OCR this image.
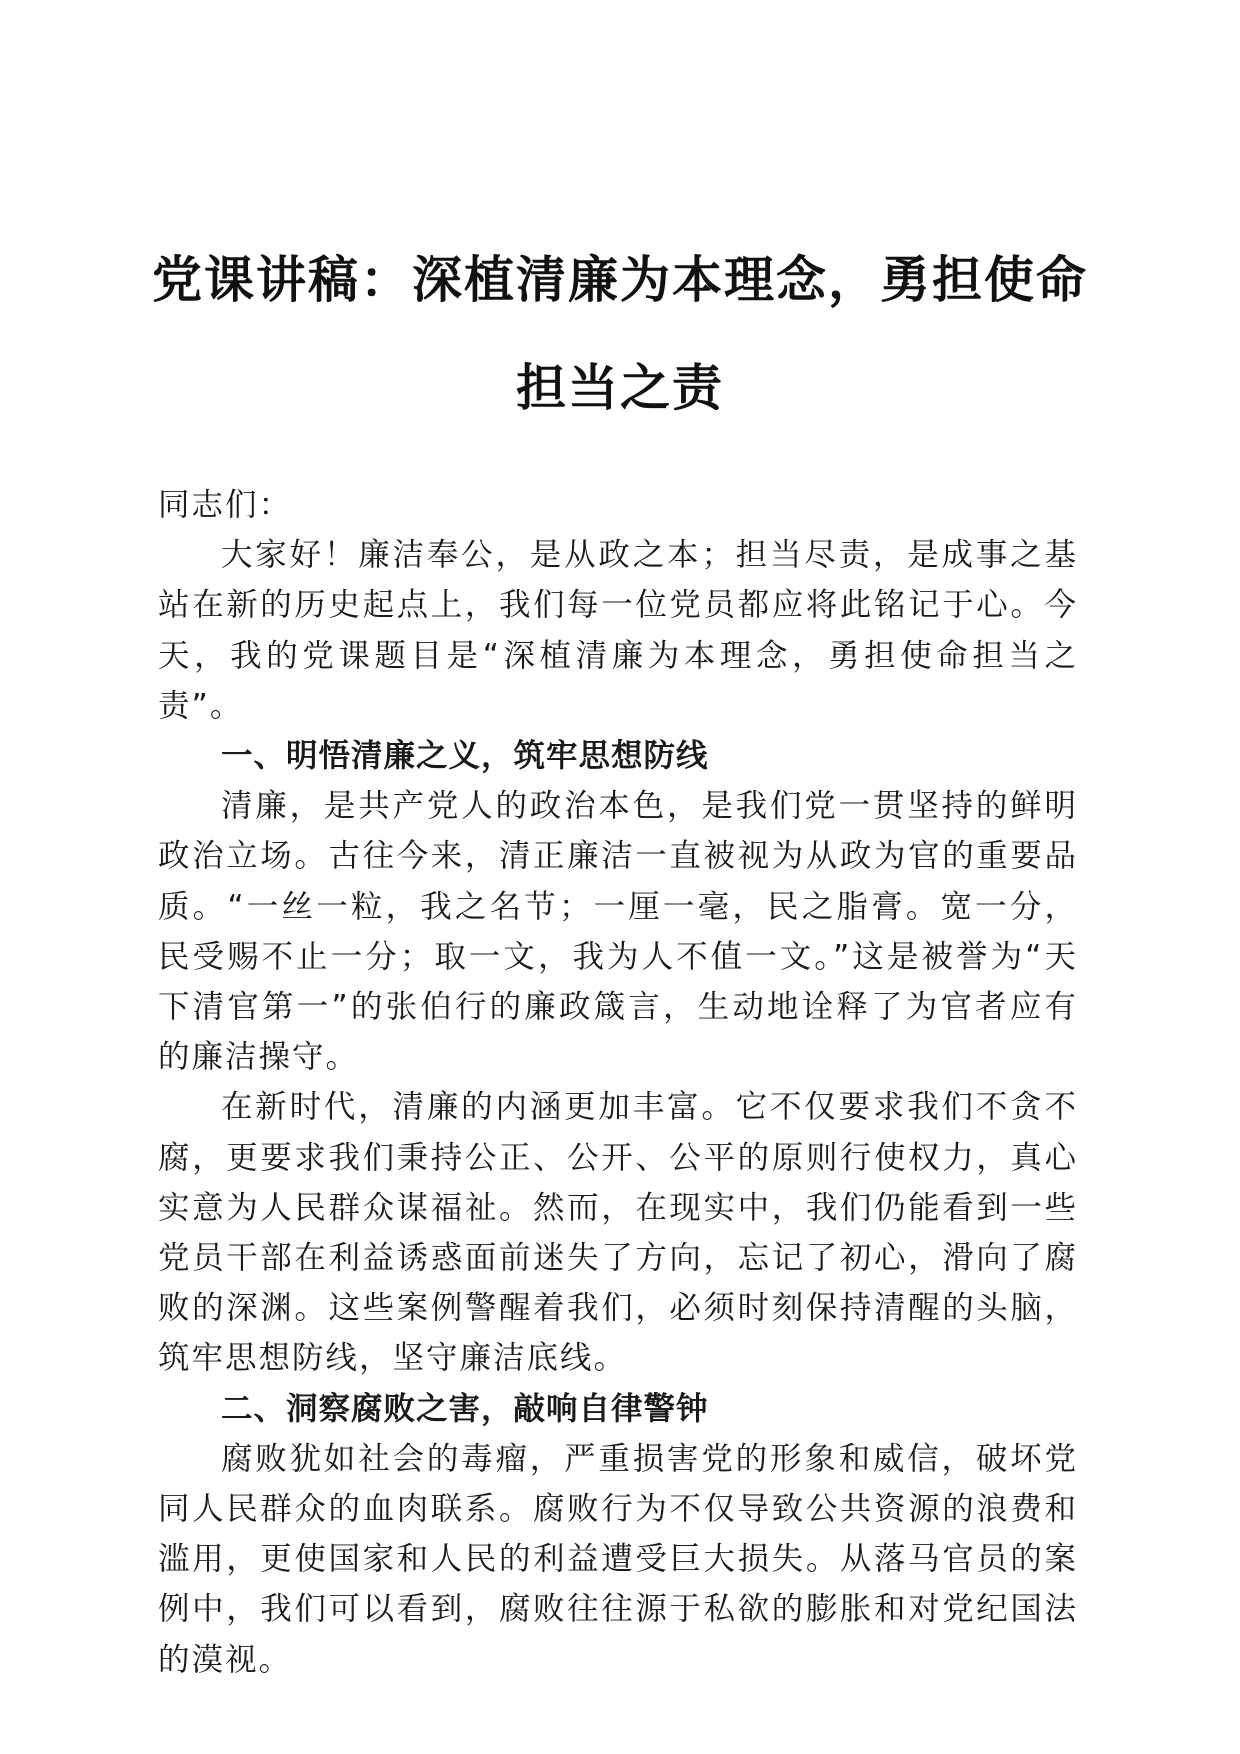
党课讲稿：深植清廉为本理念，勇担使命担当之责

同志们：

大家好！廉洁奉公，是从政之本；担当尽责，是成事之基站在新的历史起点上，我们每一位党员都应将此铭记于心。今天，我的党课题目是“深植清廉为本理念，勇担使命担当之责”。

一、明悟清廉之义，筑牢思想防线

清廉，是共产党人的政治本色，是我们党一贯坚持的鲜明政治立场。古往今来，清正廉洁一直被视为从政为官的重要品质。“一丝一粒，我之名节；一厘一毫，民之脂膏。宽一分，民受赐不止一分；取一文，我为人不值一文。”这是被誉为“天下清官第一”的张伯行的廉政箴言，生动地诠释了为官者应有的廉洁操守。

在新时代，清廉的内涵更加丰富。它不仅要求我们不贪不腐，更要求我们秉持公正、公开、公平的原则行使权力，真心实意为人民群众谋福祉。然而，在现实中，我们仍能看到一些党员干部在利益诱惑面前迷失了方向，忘记了初心，滑向了腐败的深渊。这些案例警醒着我们，必须时刻保持清醒的头脑，筑牢思想防线，坚守廉洁底线。

二、洞察腐败之害，敲响自律警钟

腐败犹如社会的毒瘤，严重损害党的形象和威信，破坏党同人民群众的血肉联系。腐败行为不仅导致公共资源的浪费和滥用，更使国家和人民的利益遭受巨大损失。从落马官员的案例中，我们可以看到，腐败往往源于私欲的膨胀和对党纪国法的漠视。
